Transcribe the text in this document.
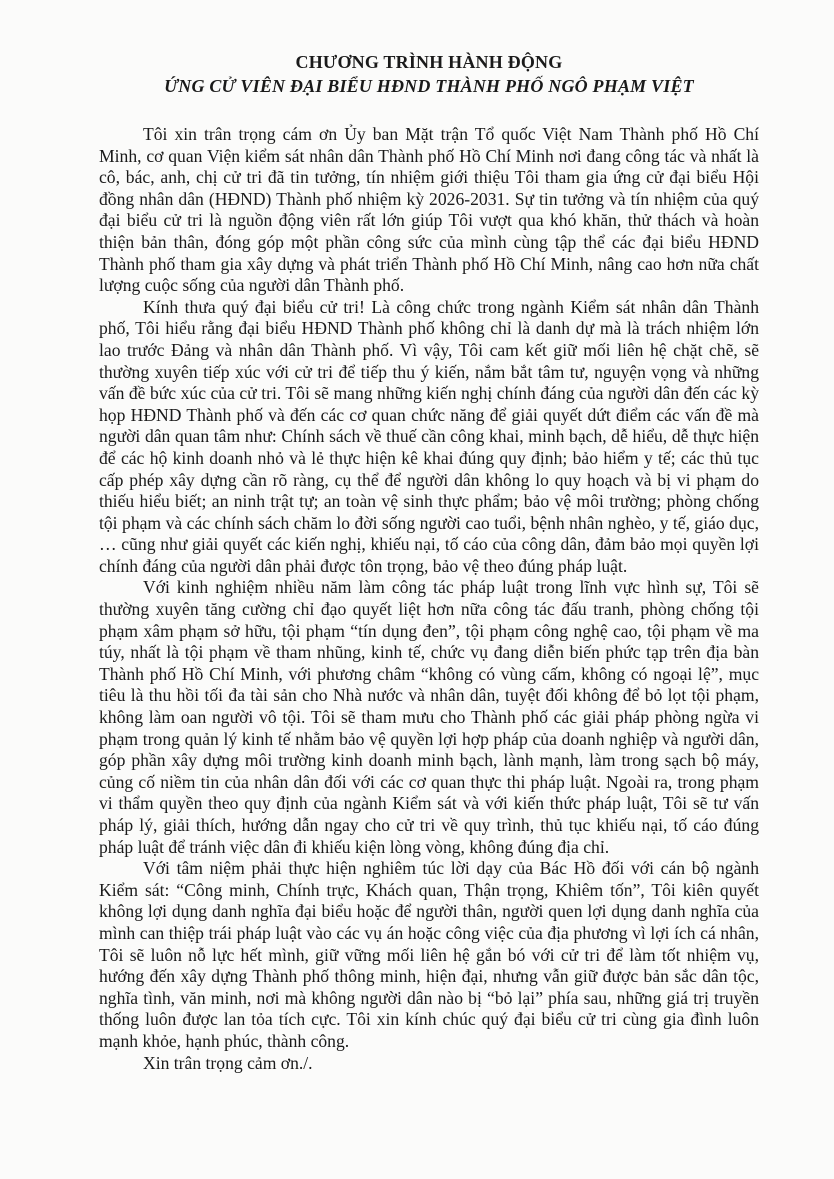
CHƯƠNG TRÌNH HÀNH ĐỘNG
ỨNG CỬ VIÊN ĐẠI BIỂU HĐND THÀNH PHỐ NGÔ PHẠM VIỆT

Tôi xin trân trọng cám ơn Ủy ban Mặt trận Tổ quốc Việt Nam Thành phố Hồ Chí Minh, cơ quan Viện kiểm sát nhân dân Thành phố Hồ Chí Minh nơi đang công tác và nhất là cô, bác, anh, chị cử tri đã tin tưởng, tín nhiệm giới thiệu Tôi tham gia ứng cử đại biểu Hội đồng nhân dân (HĐND) Thành phố nhiệm kỳ 2026-2031. Sự tin tưởng và tín nhiệm của quý đại biểu cử tri là nguồn động viên rất lớn giúp Tôi vượt qua khó khăn, thử thách và hoàn thiện bản thân, đóng góp một phần công sức của mình cùng tập thể các đại biểu HĐND Thành phố tham gia xây dựng và phát triển Thành phố Hồ Chí Minh, nâng cao hơn nữa chất lượng cuộc sống của người dân Thành phố.

Kính thưa quý đại biểu cử tri! Là công chức trong ngành Kiểm sát nhân dân Thành phố, Tôi hiểu rằng đại biểu HĐND Thành phố không chỉ là danh dự mà là trách nhiệm lớn lao trước Đảng và nhân dân Thành phố. Vì vậy, Tôi cam kết giữ mối liên hệ chặt chẽ, sẽ thường xuyên tiếp xúc với cử tri để tiếp thu ý kiến, nắm bắt tâm tư, nguyện vọng và những vấn đề bức xúc của cử tri. Tôi sẽ mang những kiến nghị chính đáng của người dân đến các kỳ họp HĐND Thành phố và đến các cơ quan chức năng để giải quyết dứt điểm các vấn đề mà người dân quan tâm như: Chính sách về thuế cần công khai, minh bạch, dễ hiểu, dễ thực hiện để các hộ kinh doanh nhỏ và lẻ thực hiện kê khai đúng quy định; bảo hiểm y tế; các thủ tục cấp phép xây dựng cần rõ ràng, cụ thể để người dân không lo quy hoạch và bị vi phạm do thiếu hiểu biết; an ninh trật tự; an toàn vệ sinh thực phẩm; bảo vệ môi trường; phòng chống tội phạm và các chính sách chăm lo đời sống người cao tuổi, bệnh nhân nghèo, y tế, giáo dục, … cũng như giải quyết các kiến nghị, khiếu nại, tố cáo của công dân, đảm bảo mọi quyền lợi chính đáng của người dân phải được tôn trọng, bảo vệ theo đúng pháp luật.

Với kinh nghiệm nhiều năm làm công tác pháp luật trong lĩnh vực hình sự, Tôi sẽ thường xuyên tăng cường chỉ đạo quyết liệt hơn nữa công tác đấu tranh, phòng chống tội phạm xâm phạm sở hữu, tội phạm “tín dụng đen”, tội phạm công nghệ cao, tội phạm về ma túy, nhất là tội phạm về tham nhũng, kinh tế, chức vụ đang diễn biến phức tạp trên địa bàn Thành phố Hồ Chí Minh, với phương châm “không có vùng cấm, không có ngoại lệ”, mục tiêu là thu hồi tối đa tài sản cho Nhà nước và nhân dân, tuyệt đối không để bỏ lọt tội phạm, không làm oan người vô tội. Tôi sẽ tham mưu cho Thành phố các giải pháp phòng ngừa vi phạm trong quản lý kinh tế nhằm bảo vệ quyền lợi hợp pháp của doanh nghiệp và người dân, góp phần xây dựng môi trường kinh doanh minh bạch, lành mạnh, làm trong sạch bộ máy, củng cố niềm tin của nhân dân đối với các cơ quan thực thi pháp luật. Ngoài ra, trong phạm vi thẩm quyền theo quy định của ngành Kiểm sát và với kiến thức pháp luật, Tôi sẽ tư vấn pháp lý, giải thích, hướng dẫn ngay cho cử tri về quy trình, thủ tục khiếu nại, tố cáo đúng pháp luật để tránh việc dân đi khiếu kiện lòng vòng, không đúng địa chỉ.

Với tâm niệm phải thực hiện nghiêm túc lời dạy của Bác Hồ đối với cán bộ ngành Kiểm sát: “Công minh, Chính trực, Khách quan, Thận trọng, Khiêm tốn”, Tôi kiên quyết không lợi dụng danh nghĩa đại biểu hoặc để người thân, người quen lợi dụng danh nghĩa của mình can thiệp trái pháp luật vào các vụ án hoặc công việc của địa phương vì lợi ích cá nhân, Tôi sẽ luôn nỗ lực hết mình, giữ vững mối liên hệ gắn bó với cử tri để làm tốt nhiệm vụ, hướng đến xây dựng Thành phố thông minh, hiện đại, nhưng vẫn giữ được bản sắc dân tộc, nghĩa tình, văn minh, nơi mà không người dân nào bị “bỏ lại” phía sau, những giá trị truyền thống luôn được lan tỏa tích cực. Tôi xin kính chúc quý đại biểu cử tri cùng gia đình luôn mạnh khỏe, hạnh phúc, thành công.

Xin trân trọng cảm ơn./.
